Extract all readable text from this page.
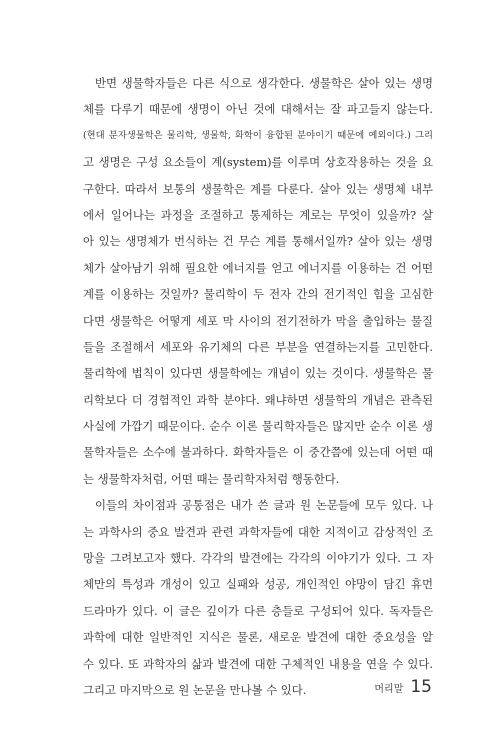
반면 생물학자들은 다른 식으로 생각한다. 생물학은 살아 있는 생명
체를 다루기 때문에 생명이 아닌 것에 대해서는 잘 파고들지 않는다.
(현대 분자생물학은 물리학, 생물학, 화학이 융합된 분야이기 때문에 예외이다.) 그리
고 생명은 구성 요소들이 계(system)를 이루며 상호작용하는 것을 요
구한다. 따라서 보통의 생물학은 계를 다룬다. 살아 있는 생명체 내부
에서 일어나는 과정을 조절하고 통제하는 계로는 무엇이 있을까? 살
아 있는 생명체가 번식하는 건 무슨 계를 통해서일까? 살아 있는 생명
체가 살아남기 위해 필요한 에너지를 얻고 에너지를 이용하는 건 어떤
계를 이용하는 것일까? 물리학이 두 전자 간의 전기적인 힘을 고심한
다면 생물학은 어떻게 세포 막 사이의 전기전하가 막을 출입하는 물질
들을 조절해서 세포와 유기체의 다른 부분을 연결하는지를 고민한다.
물리학에 법칙이 있다면 생물학에는 개념이 있는 것이다. 생물학은 물
리학보다 더 경험적인 과학 분야다. 왜냐하면 생물학의 개념은 관측된
사실에 가깝기 때문이다. 순수 이론 물리학자들은 많지만 순수 이론 생
물학자들은 소수에 불과하다. 화학자들은 이 중간쯤에 있는데 어떤 때
는 생물학자처럼, 어떤 때는 물리학자처럼 행동한다.
이들의 차이점과 공통점은 내가 쓴 글과 원 논문들에 모두 있다. 나
는 과학사의 중요 발견과 관련 과학자들에 대한 지적이고 감상적인 조
망을 그려보고자 했다. 각각의 발견에는 각각의 이야기가 있다. 그 자
체만의 특성과 개성이 있고 실패와 성공, 개인적인 야망이 담긴 휴먼
드라마가 있다. 이 글은 깊이가 다른 층들로 구성되어 있다. 독자들은
과학에 대한 일반적인 지식은 물론, 새로운 발견에 대한 중요성을 알
수 있다. 또 과학자의 삶과 발견에 대한 구체적인 내용을 연을 수 있다.
그리고 마지막으로 원 논문을 만나볼 수 있다.	머리말 15
